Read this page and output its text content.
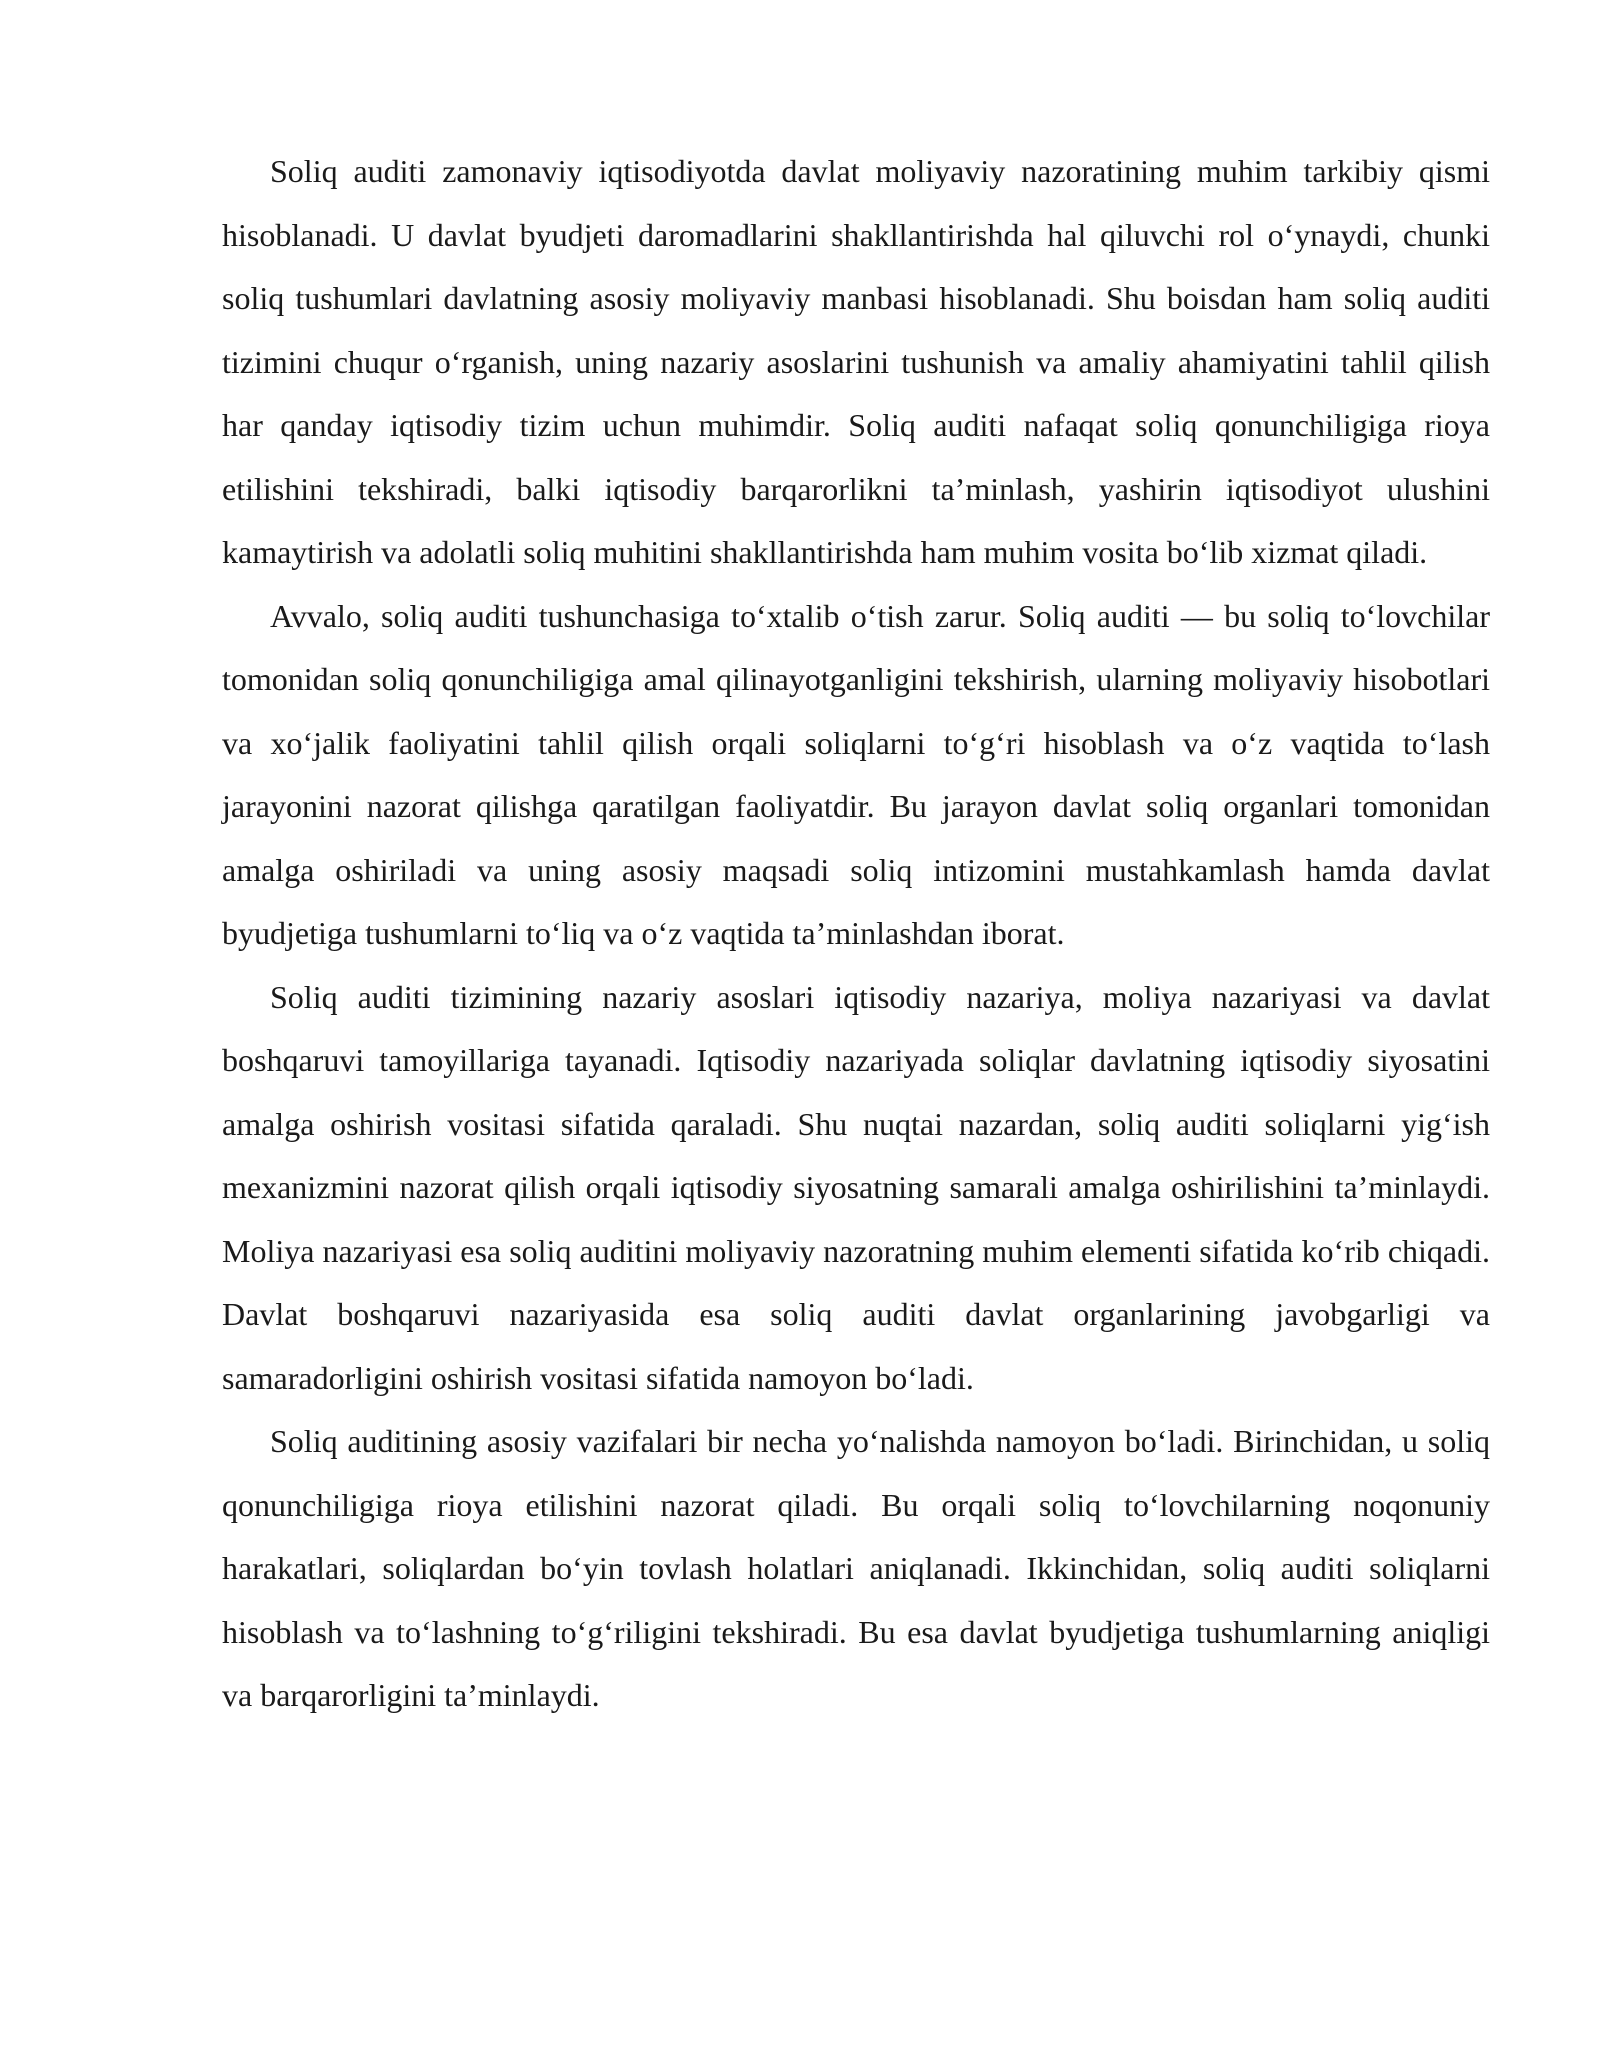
Soliq auditi zamonaviy iqtisodiyotda davlat moliyaviy nazoratining muhim tarkibiy qismi hisoblanadi. U davlat byudjeti daromadlarini shakllantirishda hal qiluvchi rol o‘ynaydi, chunki soliq tushumlari davlatning asosiy moliyaviy manbasi hisoblanadi. Shu boisdan ham soliq auditi tizimini chuqur o‘rganish, uning nazariy asoslarini tushunish va amaliy ahamiyatini tahlil qilish har qanday iqtisodiy tizim uchun muhimdir. Soliq auditi nafaqat soliq qonunchiligiga rioya etilishini tekshiradi, balki iqtisodiy barqarorlikni ta’minlash, yashirin iqtisodiyot ulushini kamaytirish va adolatli soliq muhitini shakllantirishda ham muhim vosita bo‘lib xizmat qiladi.

Avvalo, soliq auditi tushunchasiga to‘xtalib o‘tish zarur. Soliq auditi — bu soliq to‘lovchilar tomonidan soliq qonunchiligiga amal qilinayotganligini tekshirish, ularning moliyaviy hisobotlari va xo‘jalik faoliyatini tahlil qilish orqali soliqlarni to‘g‘ri hisoblash va o‘z vaqtida to‘lash jarayonini nazorat qilishga qaratilgan faoliyatdir. Bu jarayon davlat soliq organlari tomonidan amalga oshiriladi va uning asosiy maqsadi soliq intizomini mustahkamlash hamda davlat byudjetiga tushumlarni to‘liq va o‘z vaqtida ta’minlashdan iborat.

Soliq auditi tizimining nazariy asoslari iqtisodiy nazariya, moliya nazariyasi va davlat boshqaruvi tamoyillariga tayanadi. Iqtisodiy nazariyada soliqlar davlatning iqtisodiy siyosatini amalga oshirish vositasi sifatida qaraladi. Shu nuqtai nazardan, soliq auditi soliqlarni yig‘ish mexanizmini nazorat qilish orqali iqtisodiy siyosatning samarali amalga oshirilishini ta’minlaydi. Moliya nazariyasi esa soliq auditini moliyaviy nazoratning muhim elementi sifatida ko‘rib chiqadi. Davlat boshqaruvi nazariyasida esa soliq auditi davlat organlarining javobgarligi va samaradorligini oshirish vositasi sifatida namoyon bo‘ladi.

Soliq auditining asosiy vazifalari bir necha yo‘nalishda namoyon bo‘ladi. Birinchidan, u soliq qonunchiligiga rioya etilishini nazorat qiladi. Bu orqali soliq to‘lovchilarning noqonuniy harakatlari, soliqlardan bo‘yin tovlash holatlari aniqlanadi. Ikkinchidan, soliq auditi soliqlarni hisoblash va to‘lashning to‘g‘riligini tekshiradi. Bu esa davlat byudjetiga tushumlarning aniqligi va barqarorligini ta’minlaydi.
